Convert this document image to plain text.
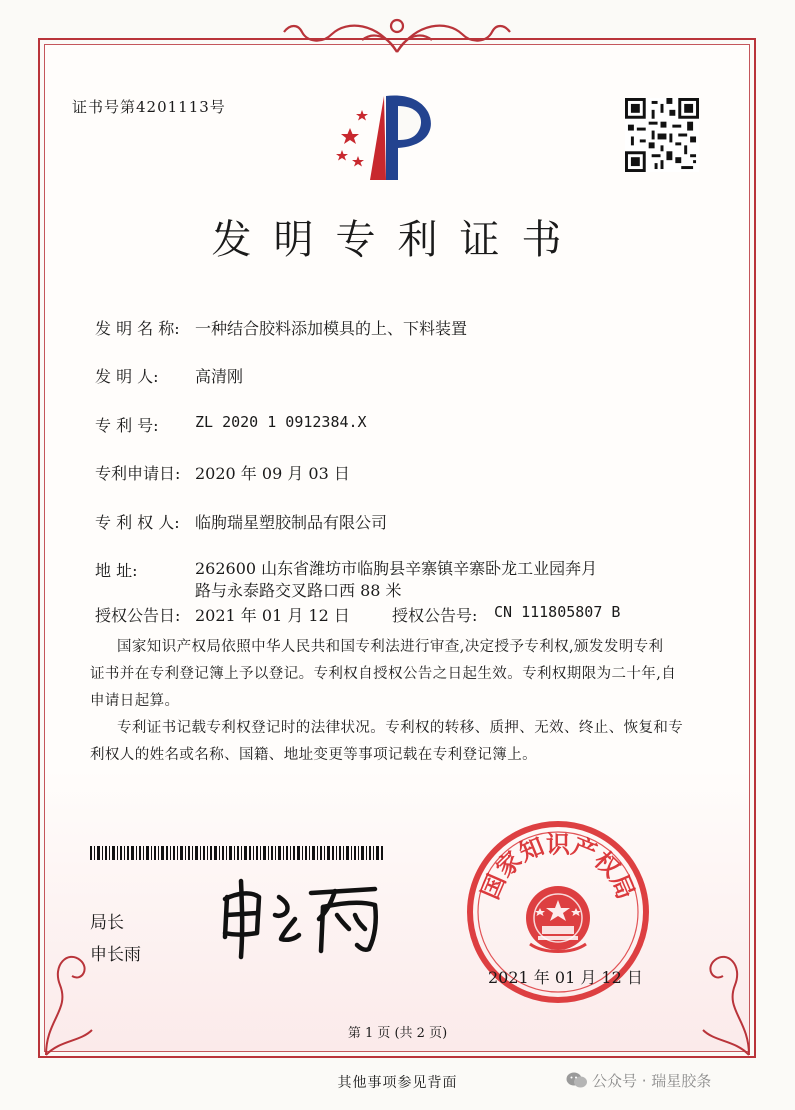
证书号第4201113号
发明专利证书
发 明 名 称: 一种结合胶料添加模具的上、下料装置
发 明 人: 高清刚
专 利 号: ZL 2020 1 0912384.X
专利申请日: 2020 年 09 月 03 日
专 利 权 人: 临朐瑞星塑胶制品有限公司
地 址:	262600 山东省潍坊市临朐县辛寨镇辛寨卧龙工业园奔月
路与永泰路交叉路口西 88 米
授权公告日: 2021 年 01 月 12 日	授权公告号: CN 111805807 B
国家知识产权局依照中华人民共和国专利法进行审查,决定授予专利权,颁发发明专利
证书并在专利登记簿上予以登记。专利权自授权公告之日起生效。专利权期限为二十年,自
申请日起算。
专利证书记载专利权登记时的法律状况。专利权的转移、质押、无效、终止、恢复和专
利权人的姓名或名称、国籍、地址变更等事项记载在专利登记簿上。
局长
申长雨
国家知识产权局
2021 年 01 月 12 日
第 1 页 (共 2 页)
其他事项参见背面	公众号 · 瑞星胶条
